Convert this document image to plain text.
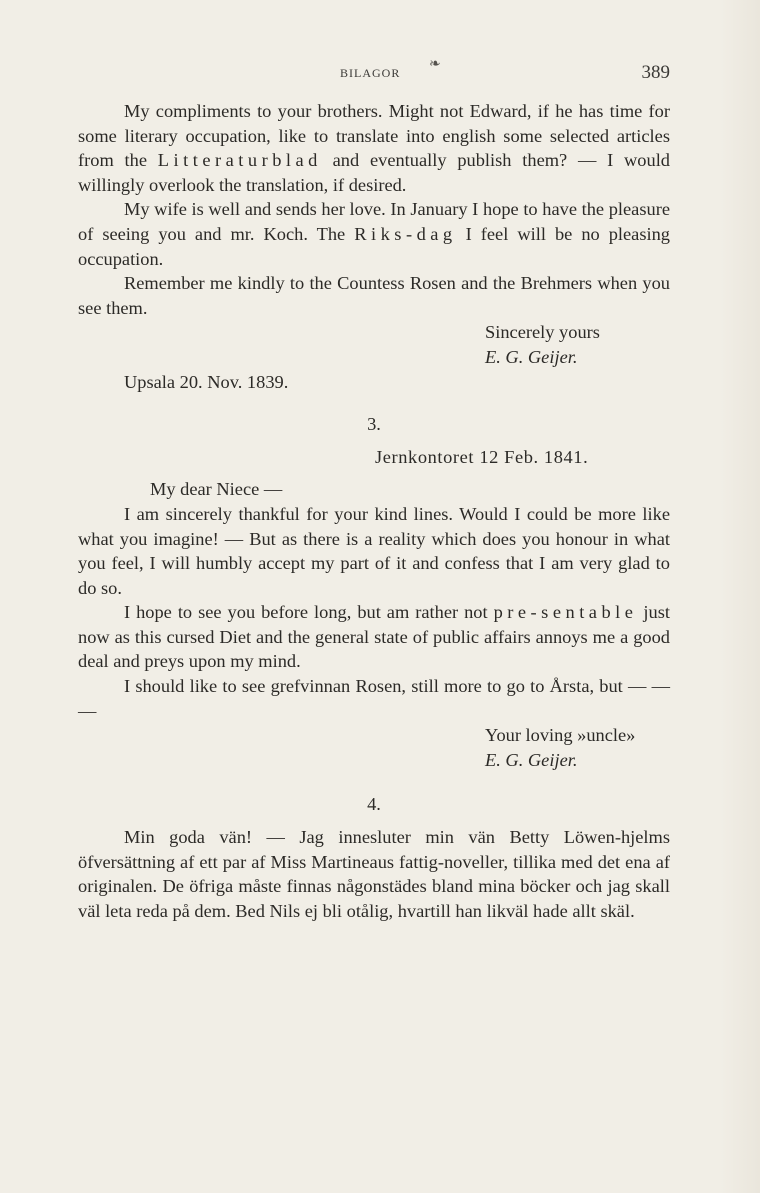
BILAGOR
❧	389

My compliments to your brothers. Might not Edward, if he has time for some literary occupation, like to translate into english some selected articles from the Litteraturblad and eventually publish them? — I would willingly overlook the translation, if desired.

My wife is well and sends her love. In January I hope to have the pleasure of seeing you and mr. Koch. The Riks-dag I feel will be no pleasing occupation.

Remember me kindly to the Countess Rosen and the Brehmers when you see them.

Sincerely yours

E. G. Geijer.

Upsala 20. Nov. 1839.

3.

Jernkontoret 12 Feb. 1841.

My dear Niece —

I am sincerely thankful for your kind lines. Would I could be more like what you imagine! — But as there is a reality which does you honour in what you feel, I will humbly accept my part of it and confess that I am very glad to do so.

I hope to see you before long, but am rather not pre-sentable just now as this cursed Diet and the general state of public affairs annoys me a good deal and preys upon my mind.

I should like to see grefvinnan Rosen, still more to go to Årsta, but — — —

Your loving »uncle»

E. G. Geijer.

4.

Min goda vän! — Jag innesluter min vän Betty Löwen-hjelms öfversättning af ett par af Miss Martineaus fattig-noveller, tillika med det ena af originalen. De öfriga måste finnas någonstädes bland mina böcker och jag skall väl leta reda på dem. Bed Nils ej bli otålig, hvartill han likväl hade allt skäl.
